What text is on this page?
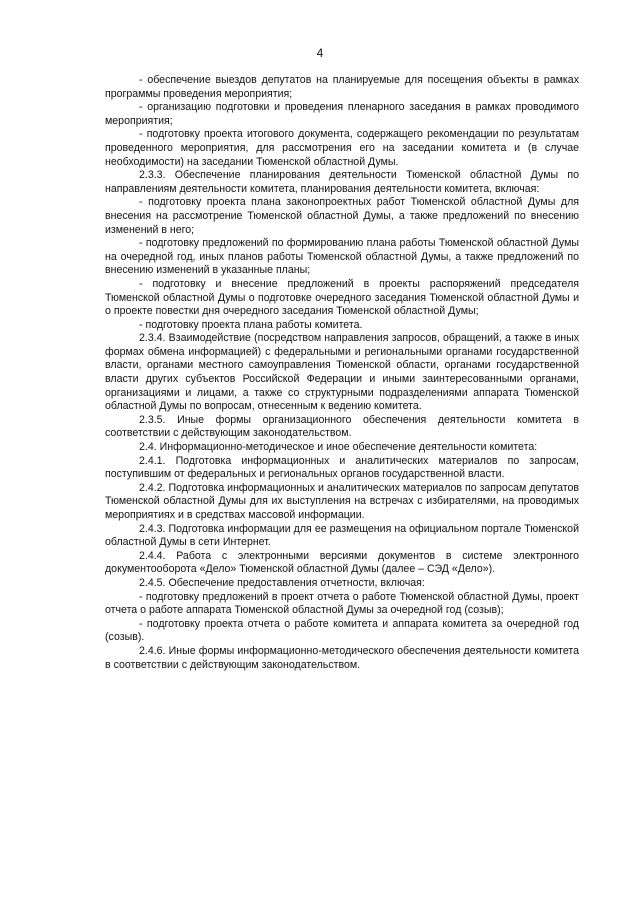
4

- обеспечение выездов депутатов на планируемые для посещения объекты в рамках программы проведения мероприятия;

- организацию подготовки и проведения пленарного заседания в рамках проводимого мероприятия;

- подготовку проекта итогового документа, содержащего рекомендации по результатам проведенного мероприятия, для рассмотрения его на заседании комитета и (в случае необходимости) на заседании Тюменской областной Думы.

2.3.3. Обеспечение планирования деятельности Тюменской областной Думы по направлениям деятельности комитета, планирования деятельности комитета, включая:

- подготовку проекта плана законопроектных работ Тюменской областной Думы для внесения на рассмотрение Тюменской областной Думы, а также предложений по внесению изменений в него;

- подготовку предложений по формированию плана работы Тюменской областной Думы на очередной год, иных планов работы Тюменской областной Думы, а также предложений по внесению изменений в указанные планы;

- подготовку и внесение предложений в проекты распоряжений председателя Тюменской областной Думы о подготовке очередного заседания Тюменской областной Думы и о проекте повестки дня очередного заседания Тюменской областной Думы;

- подготовку проекта плана работы комитета.

2.3.4. Взаимодействие (посредством направления запросов, обращений, а также в иных формах обмена информацией) с федеральными и региональными органами государственной власти, органами местного самоуправления Тюменской области, органами государственной власти других субъектов Российской Федерации и иными заинтересованными органами, организациями и лицами, а также со структурными подразделениями аппарата Тюменской областной Думы по вопросам, отнесенным к ведению комитета.

2.3.5. Иные формы организационного обеспечения деятельности комитета в соответствии с действующим законодательством.

2.4. Информационно-методическое и иное обеспечение деятельности комитета:

2.4.1. Подготовка информационных и аналитических материалов по запросам, поступившим от федеральных и региональных органов государственной власти.

2.4.2. Подготовка информационных и аналитических материалов по запросам депутатов Тюменской областной Думы для их выступления на встречах с избирателями, на проводимых мероприятиях и в средствах массовой информации.

2.4.3. Подготовка информации для ее размещения на официальном портале Тюменской областной Думы в сети Интернет.

2.4.4. Работа с электронными версиями документов в системе электронного документооборота «Дело» Тюменской областной Думы (далее – СЭД «Дело»).

2.4.5. Обеспечение предоставления отчетности, включая:

- подготовку предложений в проект отчета о работе Тюменской областной Думы, проект отчета о работе аппарата Тюменской областной Думы за очередной год (созыв);

- подготовку проекта отчета о работе комитета и аппарата комитета за очередной год (созыв).

2.4.6. Иные формы информационно-методического обеспечения деятельности комитета в соответствии с действующим законодательством.
